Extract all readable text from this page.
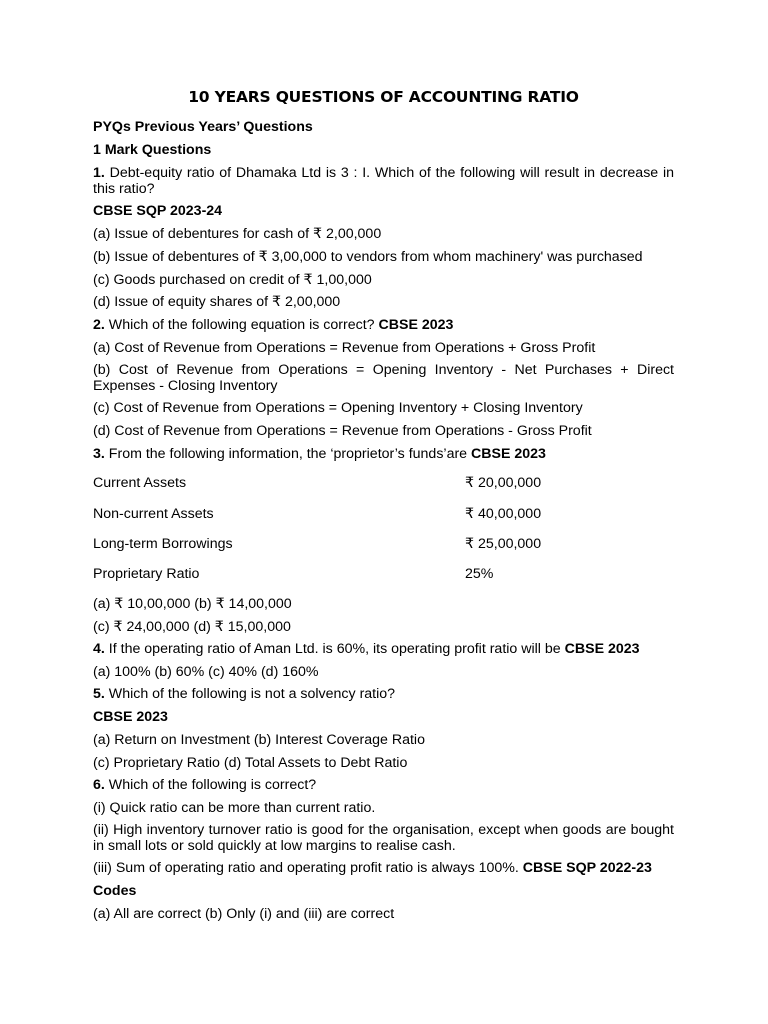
10 YEARS QUESTIONS OF ACCOUNTING RATIO
PYQs Previous Years’ Questions
1 Mark Questions
1. Debt-equity ratio of Dhamaka Ltd is 3 : I. Which of the following will result in decrease in this ratio?
CBSE SQP 2023-24
(a) Issue of debentures for cash of ₹ 2,00,000
(b) Issue of debentures of ₹ 3,00,000 to vendors from whom machinery' was purchased
(c) Goods purchased on credit of ₹ 1,00,000
(d) Issue of equity shares of ₹ 2,00,000
2. Which of the following equation is correct? CBSE 2023
(a) Cost of Revenue from Operations = Revenue from Operations + Gross Profit
(b) Cost of Revenue from Operations = Opening Inventory - Net Purchases + Direct Expenses - Closing Inventory
(c) Cost of Revenue from Operations = Opening Inventory + Closing Inventory
(d) Cost of Revenue from Operations = Revenue from Operations - Gross Profit
3. From the following information, the ‘proprietor’s funds’are CBSE 2023
Current Assets	₹ 20,00,000
Non-current Assets	₹ 40,00,000
Long-term Borrowings	₹ 25,00,000
Proprietary Ratio	25%
(a) ₹ 10,00,000 (b) ₹ 14,00,000
(c) ₹ 24,00,000 (d) ₹ 15,00,000
4. If the operating ratio of Aman Ltd. is 60%, its operating profit ratio will be CBSE 2023
(a) 100% (b) 60% (c) 40% (d) 160%
5. Which of the following is not a solvency ratio?
CBSE 2023
(a) Return on Investment (b) Interest Coverage Ratio
(c) Proprietary Ratio (d) Total Assets to Debt Ratio
6. Which of the following is correct?
(i) Quick ratio can be more than current ratio.
(ii) High inventory turnover ratio is good for the organisation, except when goods are bought in small lots or sold quickly at low margins to realise cash.
(iii) Sum of operating ratio and operating profit ratio is always 100%. CBSE SQP 2022-23
Codes
(a) All are correct (b) Only (i) and (iii) are correct
